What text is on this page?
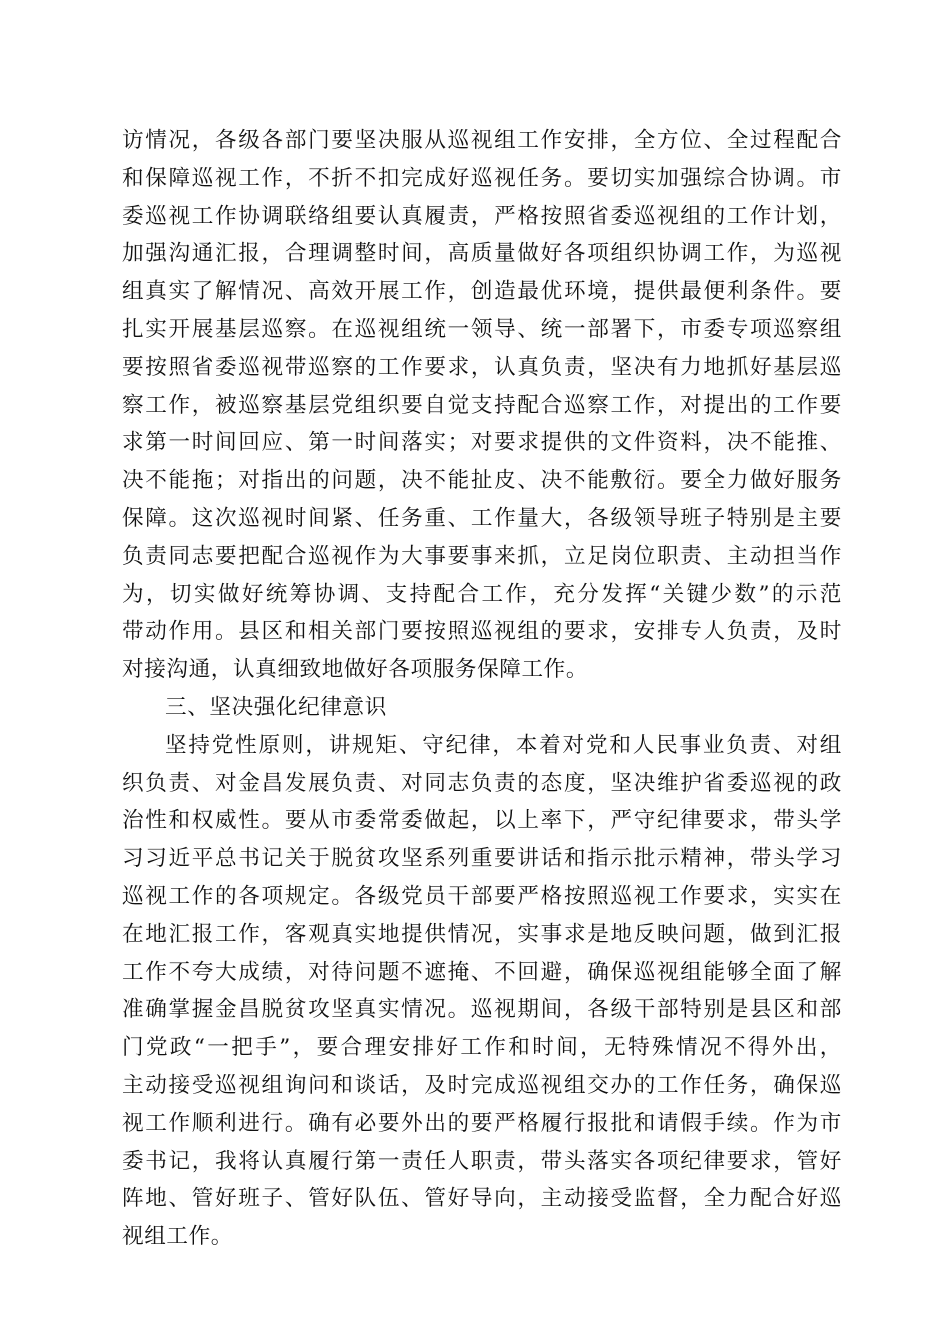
访情况，各级各部门要坚决服从巡视组工作安排，全方位、全过程配合
和保障巡视工作，不折不扣完成好巡视任务。要切实加强综合协调。市
委巡视工作协调联络组要认真履责，严格按照省委巡视组的工作计划，
加强沟通汇报，合理调整时间，高质量做好各项组织协调工作，为巡视
组真实了解情况、高效开展工作，创造最优环境，提供最便利条件。要
扎实开展基层巡察。在巡视组统一领导、统一部署下，市委专项巡察组
要按照省委巡视带巡察的工作要求，认真负责，坚决有力地抓好基层巡
察工作，被巡察基层党组织要自觉支持配合巡察工作，对提出的工作要
求第一时间回应、第一时间落实；对要求提供的文件资料，决不能推、
决不能拖；对指出的问题，决不能扯皮、决不能敷衍。要全力做好服务
保障。这次巡视时间紧、任务重、工作量大，各级领导班子特别是主要
负责同志要把配合巡视作为大事要事来抓，立足岗位职责、主动担当作
为，切实做好统筹协调、支持配合工作，充分发挥“关键少数”的示范
带动作用。县区和相关部门要按照巡视组的要求，安排专人负责，及时
对接沟通，认真细致地做好各项服务保障工作。
三、坚决强化纪律意识
坚持党性原则，讲规矩、守纪律，本着对党和人民事业负责、对组
织负责、对金昌发展负责、对同志负责的态度，坚决维护省委巡视的政
治性和权威性。要从市委常委做起，以上率下，严守纪律要求，带头学
习习近平总书记关于脱贫攻坚系列重要讲话和指示批示精神，带头学习
巡视工作的各项规定。各级党员干部要严格按照巡视工作要求，实实在
在地汇报工作，客观真实地提供情况，实事求是地反映问题，做到汇报
工作不夸大成绩，对待问题不遮掩、不回避，确保巡视组能够全面了解
准确掌握金昌脱贫攻坚真实情况。巡视期间，各级干部特别是县区和部
门党政“一把手”，要合理安排好工作和时间，无特殊情况不得外出，
主动接受巡视组询问和谈话，及时完成巡视组交办的工作任务，确保巡
视工作顺利进行。确有必要外出的要严格履行报批和请假手续。作为市
委书记，我将认真履行第一责任人职责，带头落实各项纪律要求，管好
阵地、管好班子、管好队伍、管好导向，主动接受监督，全力配合好巡
视组工作。
